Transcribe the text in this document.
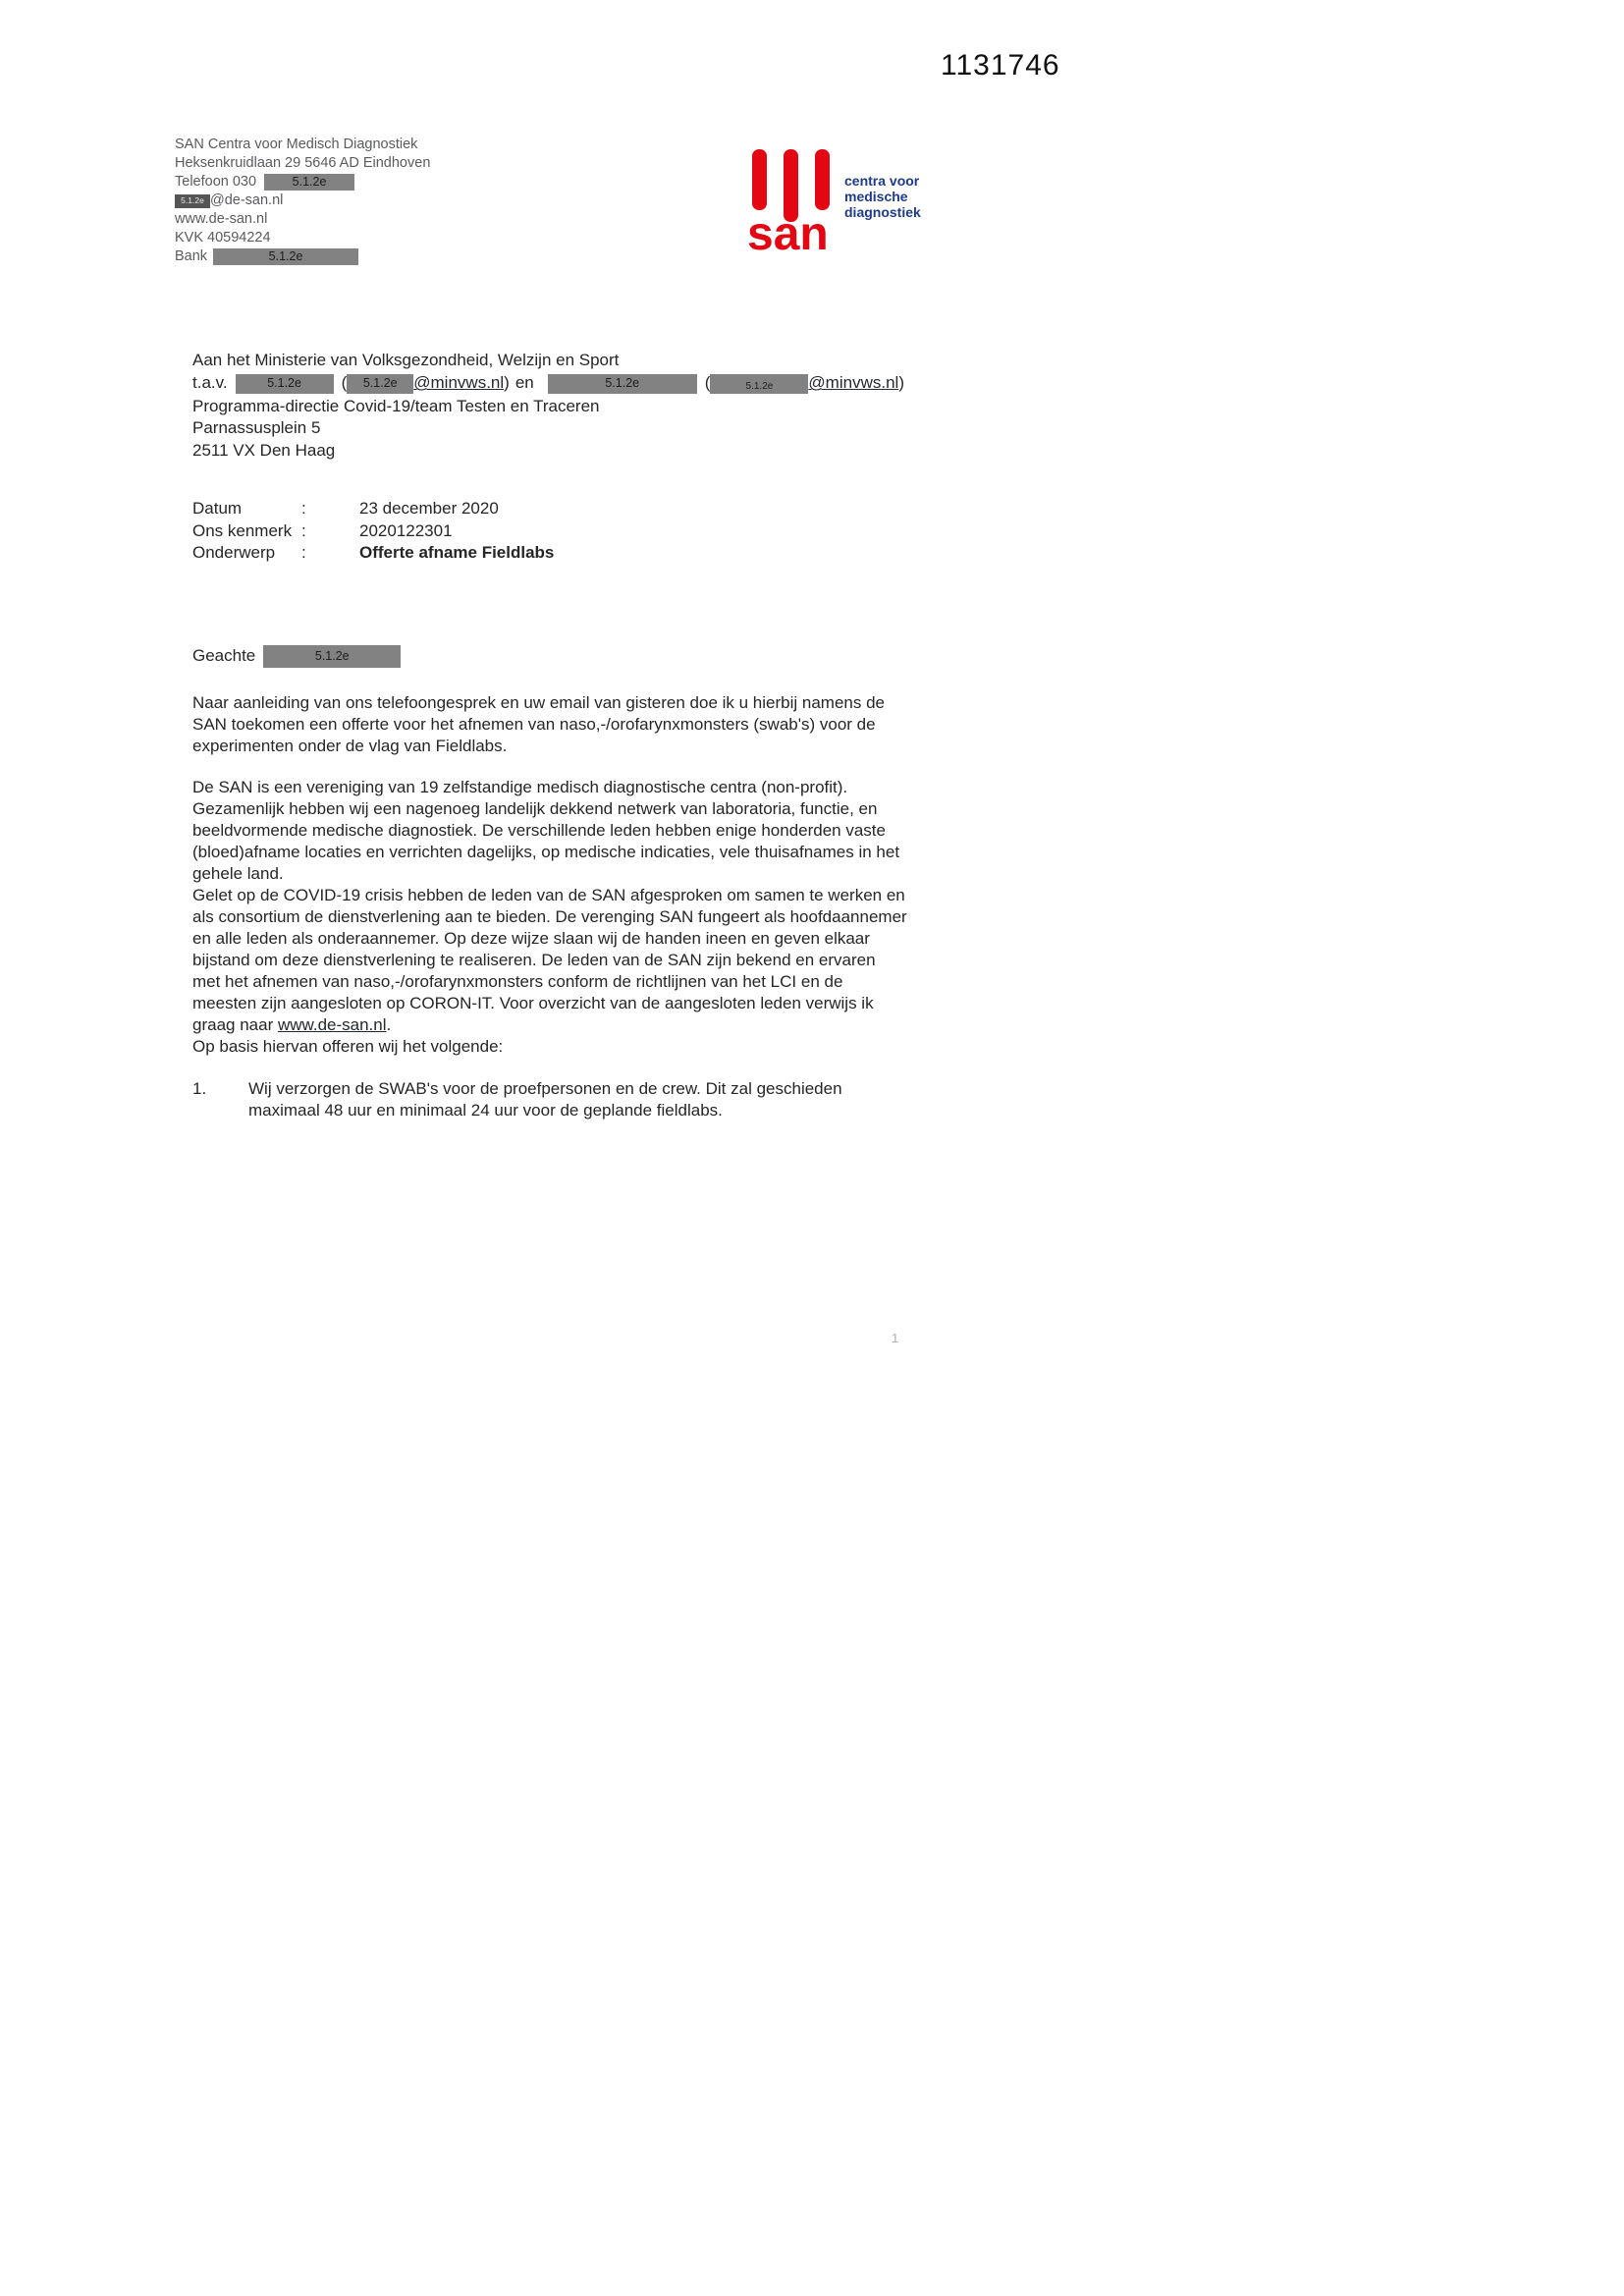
1131746
SAN Centra voor Medisch Diagnostiek
Heksenkruidlaan 29 5646 AD Eindhoven
Telefoon 030	5.1.2e
5.1.2e @de-san.nl
www.de-san.nl
KVK 40594224
Bank	5.1.2e	san
centra voor
medische
diagnostiek
Aan het Ministerie van Volksgezondheid, Welzijn en Sport
t.a.v.	5.1.2e	(	5.1.2e @minvws.nl ) en	5.1.2e	(	5.1.2e	@minvws.nl )
Programma-directie Covid-19/team Testen en Traceren
Parnassusplein 5
2511 VX Den Haag
Datum	:	23 december 2020
Ons kenmerk :	2020122301
Onderwerp	:	Offerte afname Fieldlabs
Geachte	5.1.2e
Naar aanleiding van ons telefoongesprek en uw email van gisteren doe ik u hierbij namens de SAN toekomen een offerte voor het afnemen van naso,-/orofarynxmonsters (swab's) voor de experimenten onder de vlag van Fieldlabs.
De SAN is een vereniging van 19 zelfstandige medisch diagnostische centra (non-profit). Gezamenlijk hebben wij een nagenoeg landelijk dekkend netwerk van laboratoria, functie, en beeldvormende medische diagnostiek. De verschillende leden hebben enige honderden vaste (bloed)afname locaties en verrichten dagelijks, op medische indicaties, vele thuisafnames in het gehele land.
Gelet op de COVID-19 crisis hebben de leden van de SAN afgesproken om samen te werken en als consortium de dienstverlening aan te bieden. De verenging SAN fungeert als hoofdaannemer en alle leden als onderaannemer. Op deze wijze slaan wij de handen ineen en geven elkaar bijstand om deze dienstverlening te realiseren. De leden van de SAN zijn bekend en ervaren met het afnemen van naso,-/orofarynxmonsters conform de richtlijnen van het LCI en de meesten zijn aangesloten op CORON-IT. Voor overzicht van de aangesloten leden verwijs ik graag naar www.de-san.nl.
Op basis hiervan offeren wij het volgende:
1.	Wij verzorgen de SWAB's voor de proefpersonen en de crew. Dit zal geschieden maximaal 48 uur en minimaal 24 uur voor de geplande fieldlabs.
1
